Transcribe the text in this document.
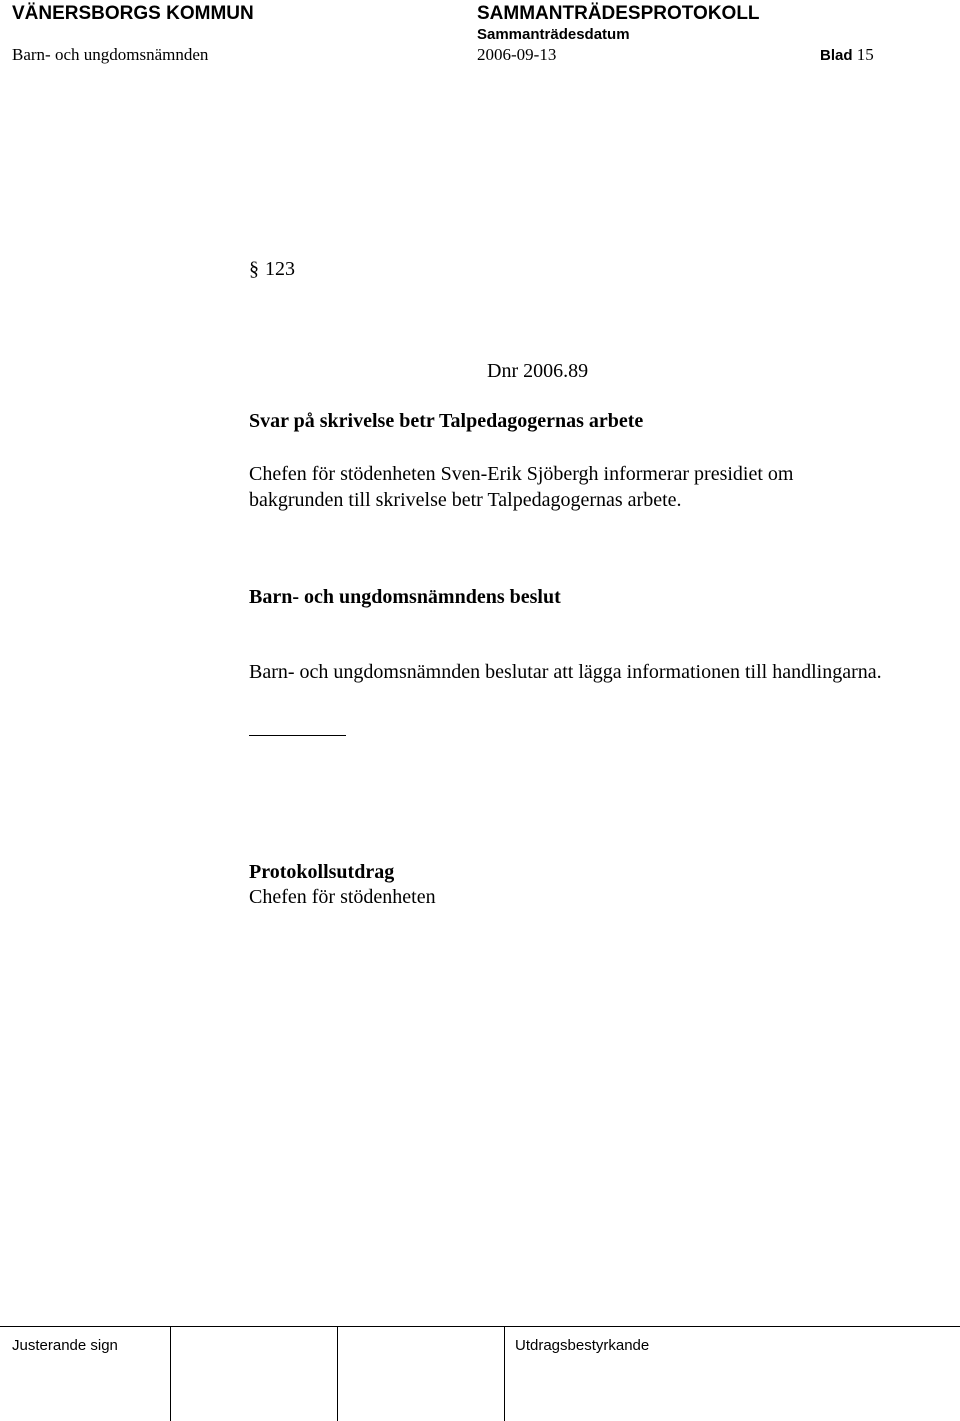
VÄNERSBORGS KOMMUN	SAMMANTRÄDESPROTOKOLL
Sammanträdesdatum
Barn- och ungdomsnämnden	2006-09-13	Blad 15
§ 123
Dnr 2006.89
Svar på skrivelse betr Talpedagogernas arbete
Chefen för stödenheten Sven-Erik Sjöbergh informerar presidiet om bakgrunden till skrivelse betr Talpedagogernas arbete.
Barn- och ungdomsnämndens beslut
Barn- och ungdomsnämnden beslutar att lägga informationen till handlingarna.
Protokollsutdrag
Chefen för stödenheten
Justerande sign	Utdragsbestyrkande
